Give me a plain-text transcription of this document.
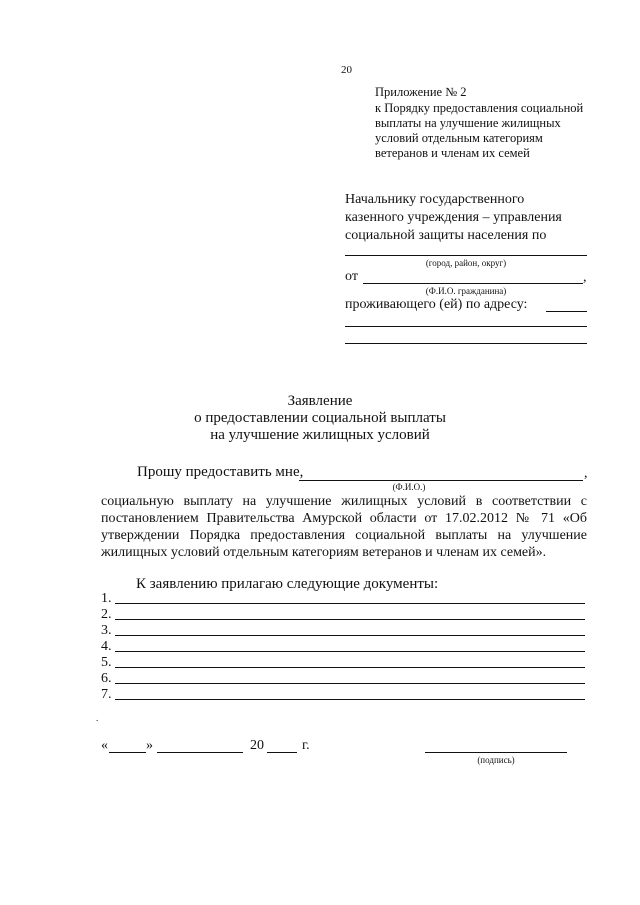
20
Приложение № 2
к Порядку предоставления социальной
выплаты на улучшение жилищных
условий отдельным категориям
ветеранов и членам их семей
Начальнику государственного
казенного учреждения – управления
социальной защиты населения по
(город, район, округ)
от	,
(Ф.И.О. гражданина)
проживающего (ей) по адресу:
Заявление
о предоставлении социальной выплаты
на улучшение жилищных условий
Прошу предоставить мне,	,
(Ф.И.О.)
социальную выплату на улучшение жилищных условий в соответствии с
постановлением Правительства Амурской области от 17.02.2012 № 71 «Об
утверждении Порядка предоставления социальной выплаты на улучшение
жилищных условий отдельным категориям ветеранов и членам их семей».
К заявлению прилагаю следующие документы:
1.
2.
3.
4.
5.
6.
7.
.
«	»	20	г.
(подпись)
